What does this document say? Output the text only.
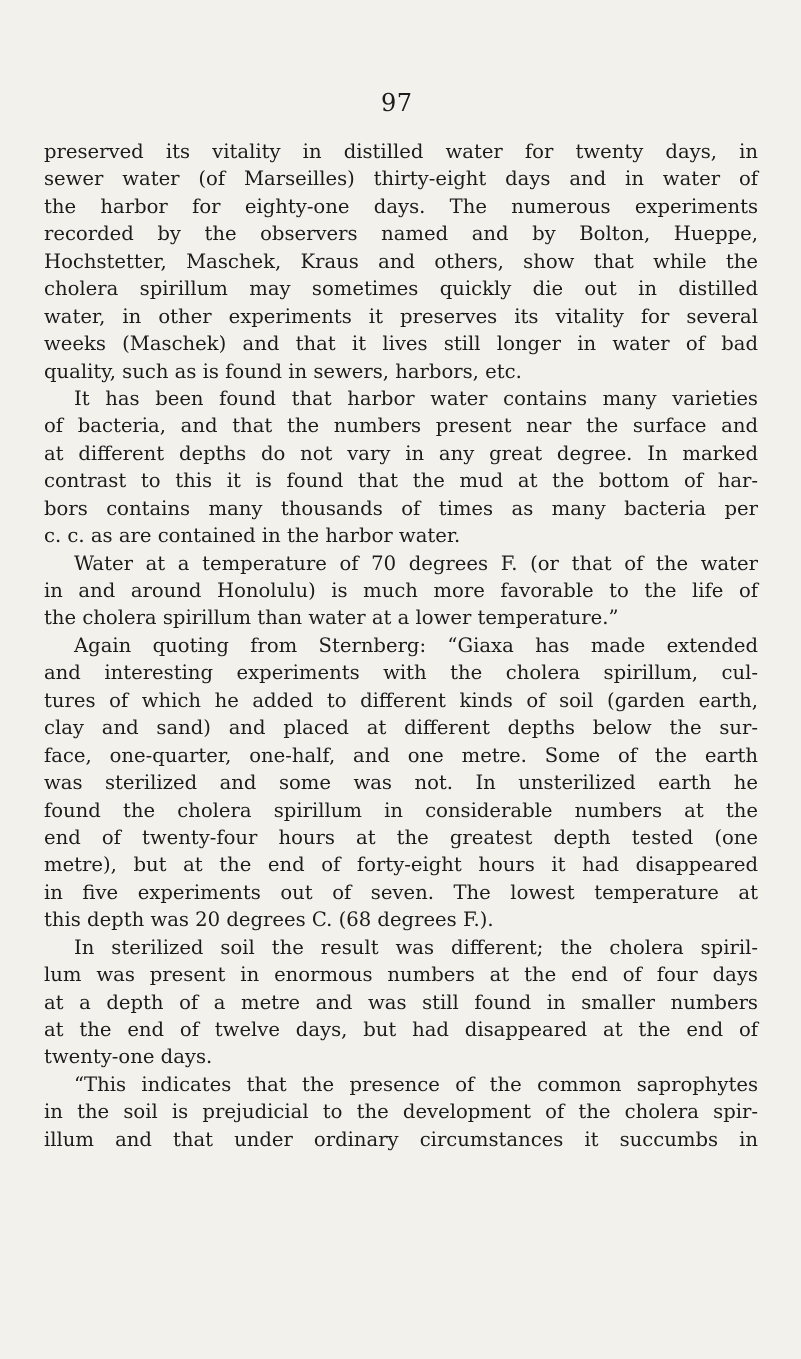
97
preserved its vitality in distilled water for twenty days, in
sewer water (of Marseilles) thirty-eight days and in water of
the harbor for eighty-one days. The numerous experiments
recorded by the observers named and by Bolton, Hueppe,
Hochstetter, Maschek, Kraus and others, show that while the
cholera spirillum may sometimes quickly die out in distilled
water, in other experiments it preserves its vitality for several
weeks (Maschek) and that it lives still longer in water of bad
quality, such as is found in sewers, harbors, etc.
It has been found that harbor water contains many varieties
of bacteria, and that the numbers present near the surface and
at different depths do not vary in any great degree. In marked
contrast to this it is found that the mud at the bottom of har-
bors contains many thousands of times as many bacteria per
c. c. as are contained in the harbor water.
Water at a temperature of 70 degrees F. (or that of the water
in and around Honolulu) is much more favorable to the life of
the cholera spirillum than water at a lower temperature.”
Again quoting from Sternberg: “Giaxa has made extended
and interesting experiments with the cholera spirillum, cul-
tures of which he added to different kinds of soil (garden earth,
clay and sand) and placed at different depths below the sur-
face, one-quarter, one-half, and one metre. Some of the earth
was sterilized and some was not. In unsterilized earth he
found the cholera spirillum in considerable numbers at the
end of twenty-four hours at the greatest depth tested (one
metre), but at the end of forty-eight hours it had disappeared
in five experiments out of seven. The lowest temperature at
this depth was 20 degrees C. (68 degrees F.).
In sterilized soil the result was different; the cholera spiril-
lum was present in enormous numbers at the end of four days
at a depth of a metre and was still found in smaller numbers
at the end of twelve days, but had disappeared at the end of
twenty-one days.
“This indicates that the presence of the common saprophytes
in the soil is prejudicial to the development of the cholera spir-
illum and that under ordinary circumstances it succumbs in
